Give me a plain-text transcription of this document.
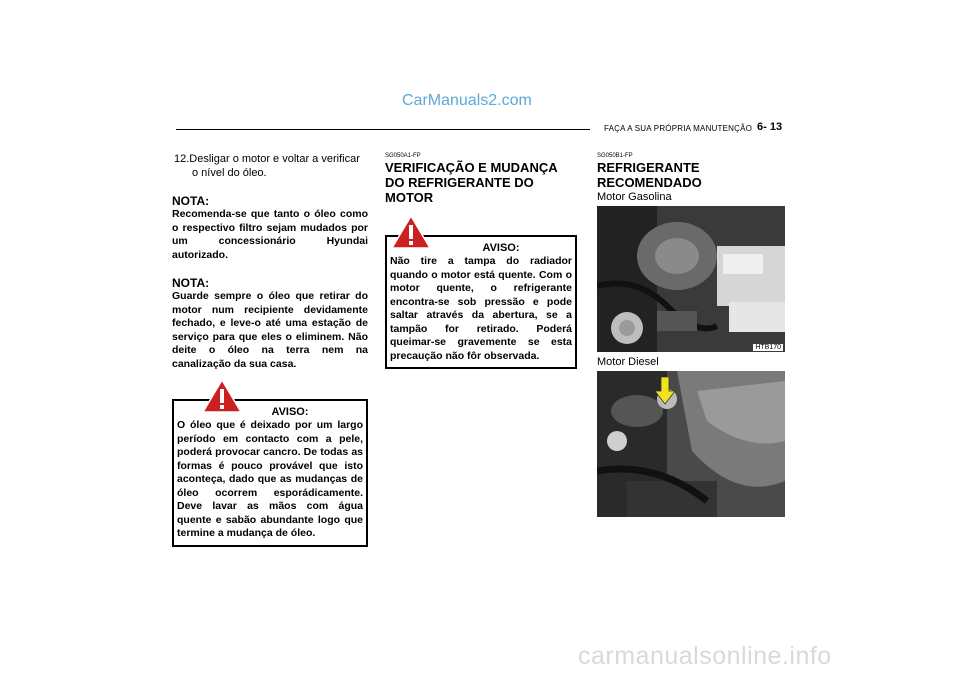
CarManuals2.com
FAÇA A SUA PRÓPRIA MANUTENÇÃO 6- 13
12.Desligar o motor e voltar a verificar o nível do óleo.
NOTA:
Recomenda-se que tanto o óleo como o respectivo filtro sejam mudados por um concessionário Hyundai autorizado.
NOTA:
Guarde sempre o óleo que retirar do motor num recipiente devidamente fechado, e leve-o até uma estação de serviço para que eles o eliminem. Não deite o óleo na terra nem na canalização da sua casa.
AVISO:
O óleo que é deixado por um largo período em contacto com a pele, poderá provocar cancro. De todas as formas é pouco provável que isto aconteça, dado que as mudanças de óleo ocorrem esporádicamente. Deve lavar as mãos com água quente e sabão abundante logo que termine a mudança de óleo.
SG050A1-FP
VERIFICAÇÃO E MUDANÇA DO REFRIGERANTE DO MOTOR
AVISO:
Não tire a tampa do radiador quando o motor está quente. Com o motor quente, o refrigerante encontra-se sob pressão e pode saltar através da abertura, se a tampão for retirado. Poderá queimar-se gravemente se esta precaução não fôr observada.
SG050B1-FP
REFRIGERANTE RECOMENDADO
Motor Gasolina
HTB170
Motor Diesel
carmanualsonline.info
